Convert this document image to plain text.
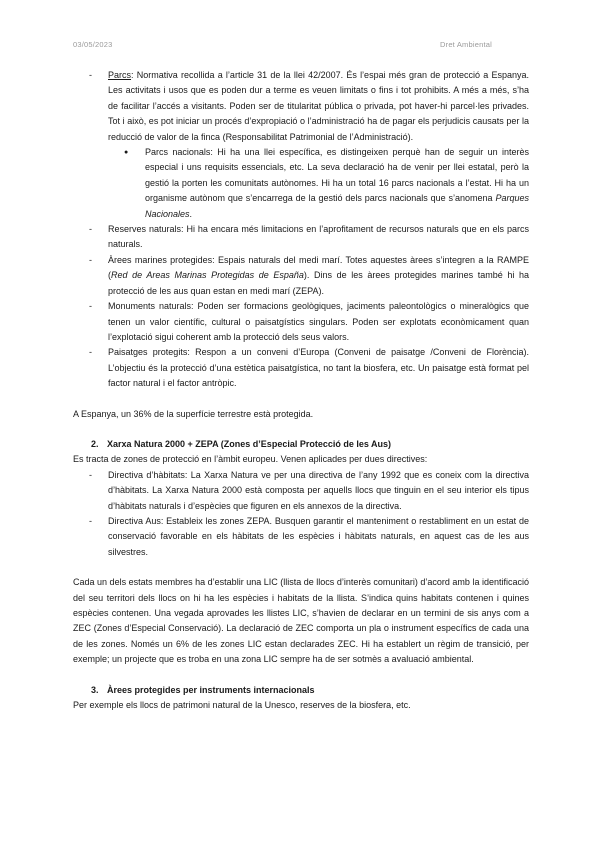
03/05/2023	Dret Ambiental
- Parcs: Normativa recollida a l’article 31 de la llei 42/2007. És l’espai més gran de protecció a Espanya. Les activitats i usos que es poden dur a terme es veuen limitats o fins i tot prohibits. A més a més, s’ha de facilitar l’accés a visitants. Poden ser de titularitat pública o privada, pot haver-hi parcel·les privades. Tot i això, es pot iniciar un procés d’expropiació o l’administració ha de pagar els perjudicis causats per la reducció de valor de la finca (Responsabilitat Patrimonial de l’Administració).
● Parcs nacionals: Hi ha una llei específica, es distingeixen perquè han de seguir un interès especial i uns requisits essencials, etc. La seva declaració ha de venir per llei estatal, però la gestió la porten les comunitats autònomes. Hi ha un total 16 parcs nacionals a l’estat. Hi ha un organisme autònom que s’encarrega de la gestió dels parcs nacionals que s’anomena Parques Nacionales.
- Reserves naturals: Hi ha encara més limitacions en l’aprofitament de recursos naturals que en els parcs naturals.
- Àrees marines protegides: Espais naturals del medi marí. Totes aquestes àrees s’integren a la RAMPE (Red de Areas Marinas Protegidas de España). Dins de les àrees protegides marines també hi ha protecció de les aus quan estan en medi marí (ZEPA).
- Monuments naturals: Poden ser formacions geològiques, jaciments paleontològics o mineralògics que tenen un valor científic, cultural o paisatgístics singulars. Poden ser explotats econòmicament quan l’explotació sigui coherent amb la protecció dels seus valors.
- Paisatges protegits: Respon a un conveni d’Europa (Conveni de paisatge /Conveni de Florència). L’objectiu és la protecció d’una estètica paisatgística, no tant la biosfera, etc. Un paisatge està format pel factor natural i el factor antròpic.

A Espanya, un 36% de la superfície terrestre està protegida.

2. Xarxa Natura 2000 + ZEPA (Zones d’Especial Protecció de les Aus)

Es tracta de zones de protecció en l’àmbit europeu. Venen aplicades per dues directives:

- Directiva d’hàbitats: La Xarxa Natura ve per una directiva de l’any 1992 que es coneix com la directiva d’hàbitats. La Xarxa Natura 2000 està composta per aquells llocs que tinguin en el seu interior els tipus d’hàbitats naturals i d’espècies que figuren en els annexos de la directiva.
- Directiva Aus: Estableix les zones ZEPA. Busquen garantir el manteniment o restabliment en un estat de conservació favorable en els hàbitats de les espècies i hàbitats naturals, en aquest cas de les aus silvestres.

Cada un dels estats membres ha d’establir una LIC (llista de llocs d’interès comunitari) d’acord amb la identificació del seu territori dels llocs on hi ha les espècies i habitats de la llista. S’indica quins habitats contenen i quines espècies contenen. Una vegada aprovades les llistes LIC, s’havien de declarar en un termini de sis anys com a ZEC (Zones d’Especial Conservació). La declaració de ZEC comporta un pla o instrument específics de cada una de les zones. Només un 6% de les zones LIC estan declarades ZEC. Hi ha establert un règim de transició, per exemple; un projecte que es troba en una zona LIC sempre ha de ser sotmès a avaluació ambiental.

3. Àrees protegides per instruments internacionals

Per exemple els llocs de patrimoni natural de la Unesco, reserves de la biosfera, etc.
